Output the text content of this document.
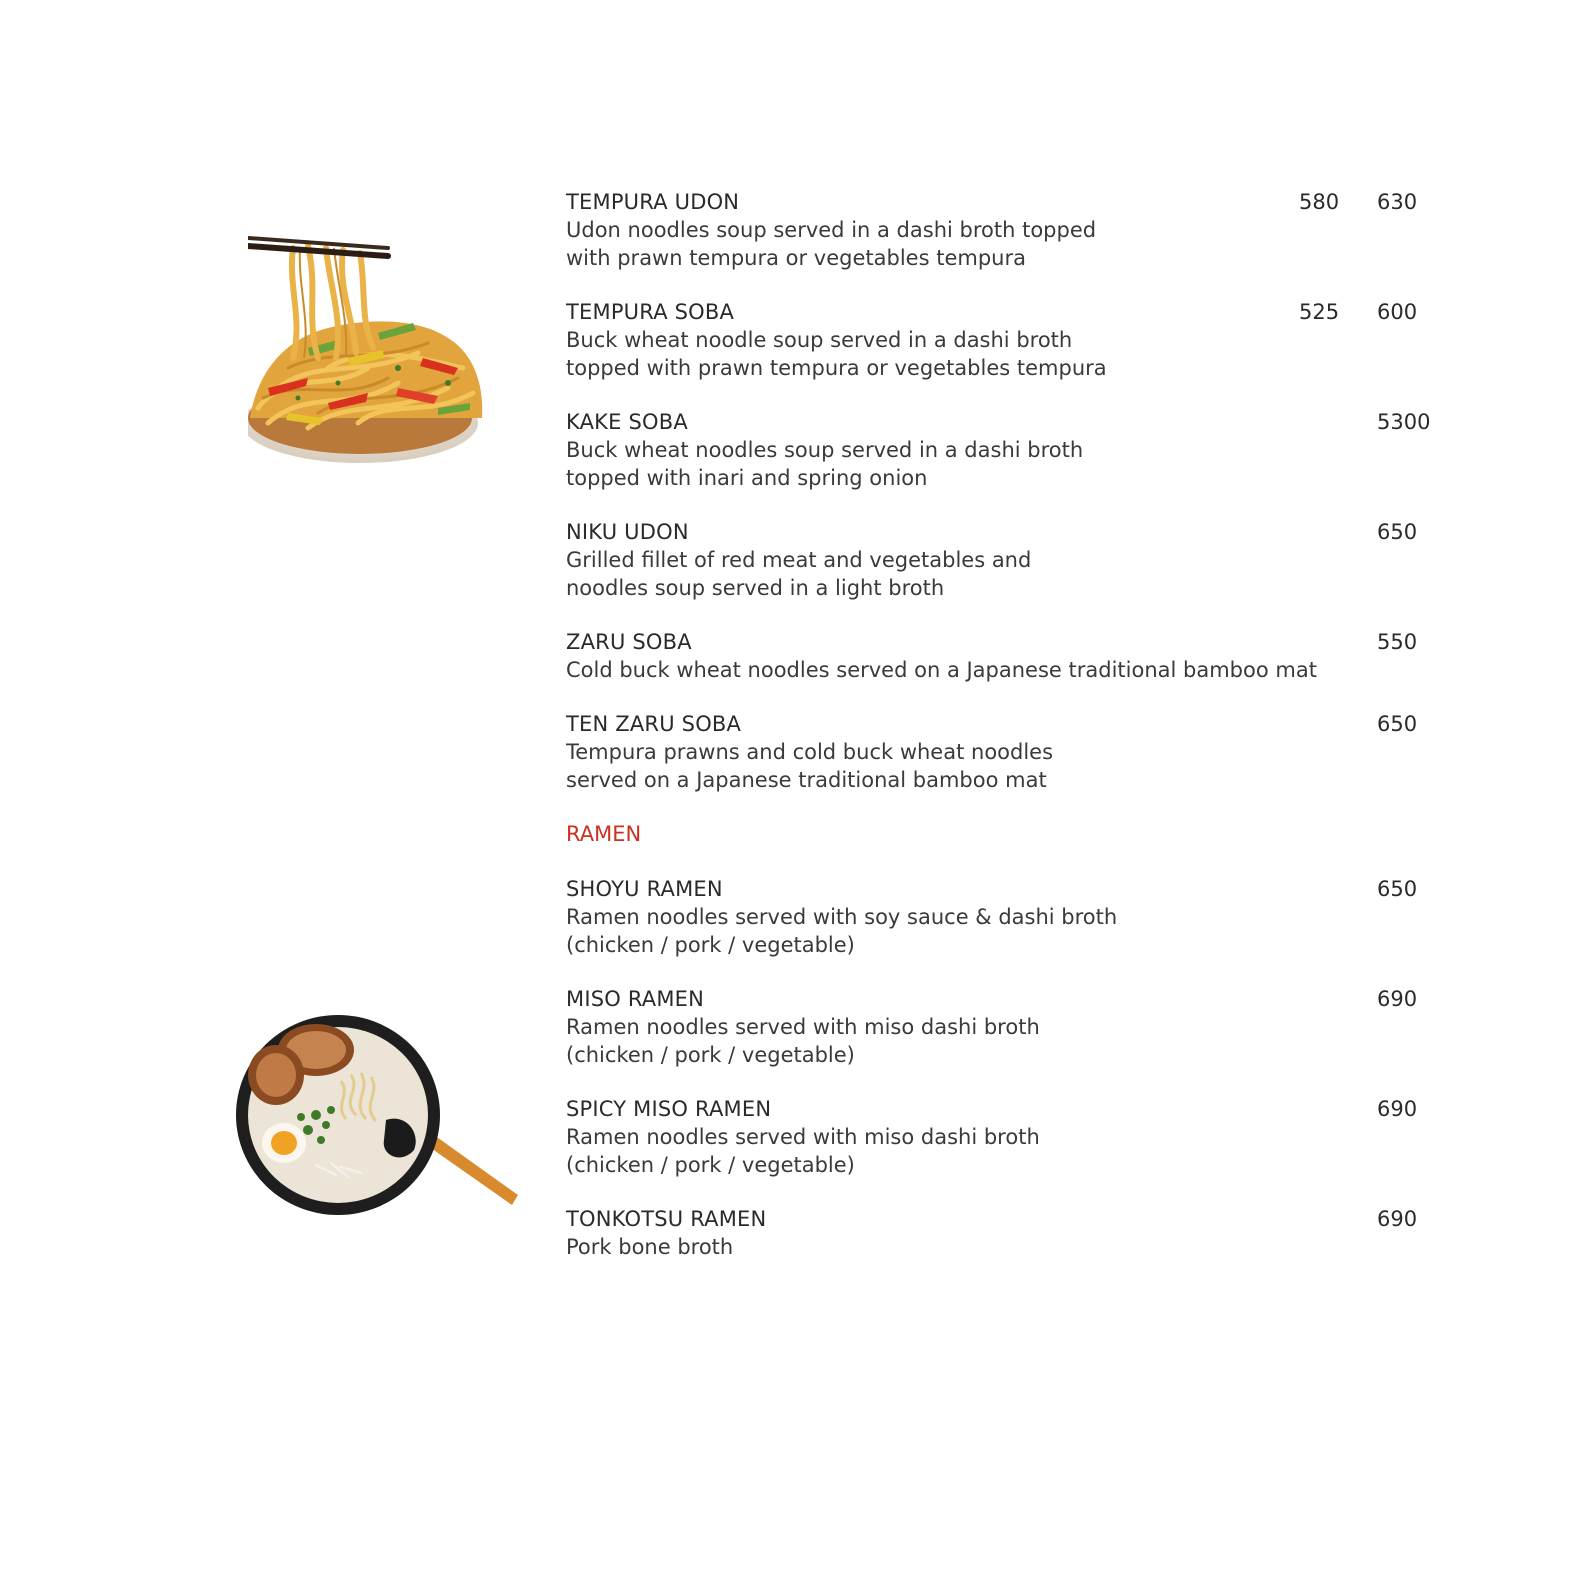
TEMPURA UDON
Udon noodles soup served in a dashi broth topped
with prawn tempura or vegetables tempura
580 630
TEMPURA SOBA
Buck wheat noodle soup served in a dashi broth
topped with prawn tempura or vegetables tempura
525 600
KAKE SOBA
Buck wheat noodles soup served in a dashi broth
topped with inari and spring onion
5300
NIKU UDON
Grilled fillet of red meat and vegetables and
noodles soup served in a light broth
650
ZARU SOBA
Cold buck wheat noodles served on a Japanese traditional bamboo mat
550
TEN ZARU SOBA
Tempura prawns and cold buck wheat noodles
served on a Japanese traditional bamboo mat
650
RAMEN
SHOYU RAMEN
Ramen noodles served with soy sauce & dashi broth
(chicken / pork / vegetable)
650
MISO RAMEN
Ramen noodles served with miso dashi broth
(chicken / pork / vegetable)
690
SPICY MISO RAMEN
Ramen noodles served with miso dashi broth
(chicken / pork / vegetable)
690
TONKOTSU RAMEN
Pork bone broth
690
